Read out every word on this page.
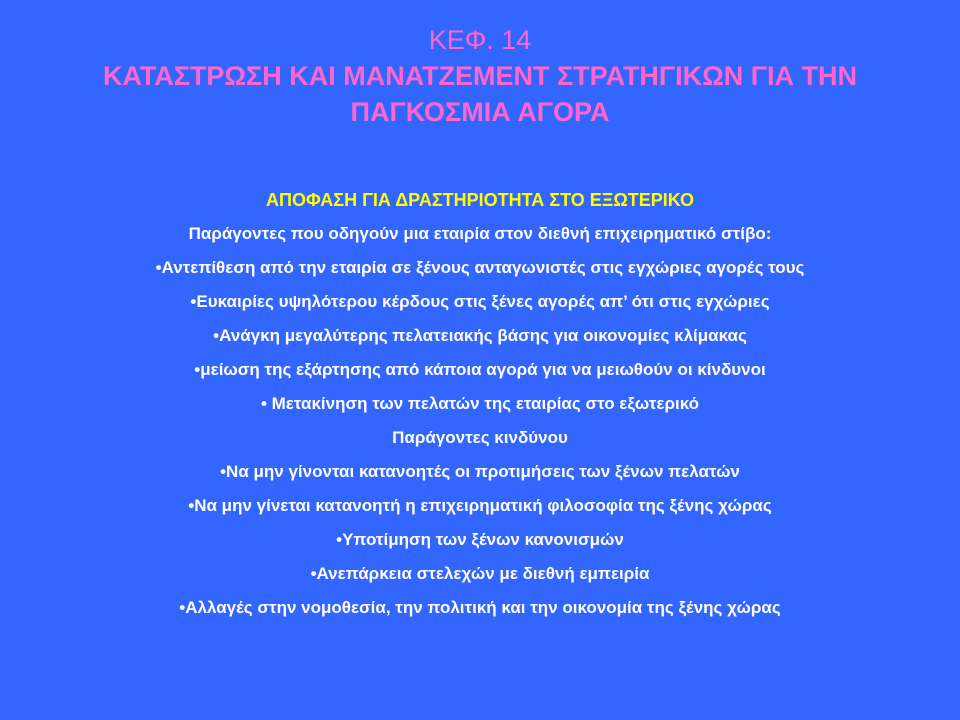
ΚΕΦ. 14
ΚΑΤΑΣΤΡΩΣΗ ΚΑΙ ΜΑΝΑΤΖΕΜΕΝΤ ΣΤΡΑΤΗΓΙΚΩΝ ΓΙΑ ΤΗΝ
ΠΑΓΚΟΣΜΙΑ ΑΓΟΡΑ
ΑΠΟΦΑΣΗ ΓΙΑ ΔΡΑΣΤΗΡΙΟΤΗΤΑ ΣΤΟ ΕΞΩΤΕΡΙΚΟ
Παράγοντες που οδηγούν μια εταιρία στον διεθνή επιχειρηματικό στίβο:
•Αντεπίθεση από την εταιρία σε ξένους ανταγωνιστές στις εγχώριες αγορές τους
•Ευκαιρίες υψηλότερου κέρδους στις ξένες αγορές απ’ ότι στις εγχώριες
•Ανάγκη μεγαλύτερης πελατειακής βάσης για οικονομίες κλίμακας
•μείωση της εξάρτησης από κάποια αγορά για να μειωθούν οι κίνδυνοι
• Μετακίνηση των πελατών της εταιρίας στο εξωτερικό
Παράγοντες κινδύνου
•Να μην γίνονται κατανοητές οι προτιμήσεις των ξένων πελατών
•Να μην γίνεται κατανοητή η επιχειρηματική φιλοσοφία της ξένης χώρας
•Υποτίμηση των ξένων κανονισμών
•Ανεπάρκεια στελεχών με διεθνή εμπειρία
•Αλλαγές στην νομοθεσία, την πολιτική και την οικονομία της ξένης χώρας
